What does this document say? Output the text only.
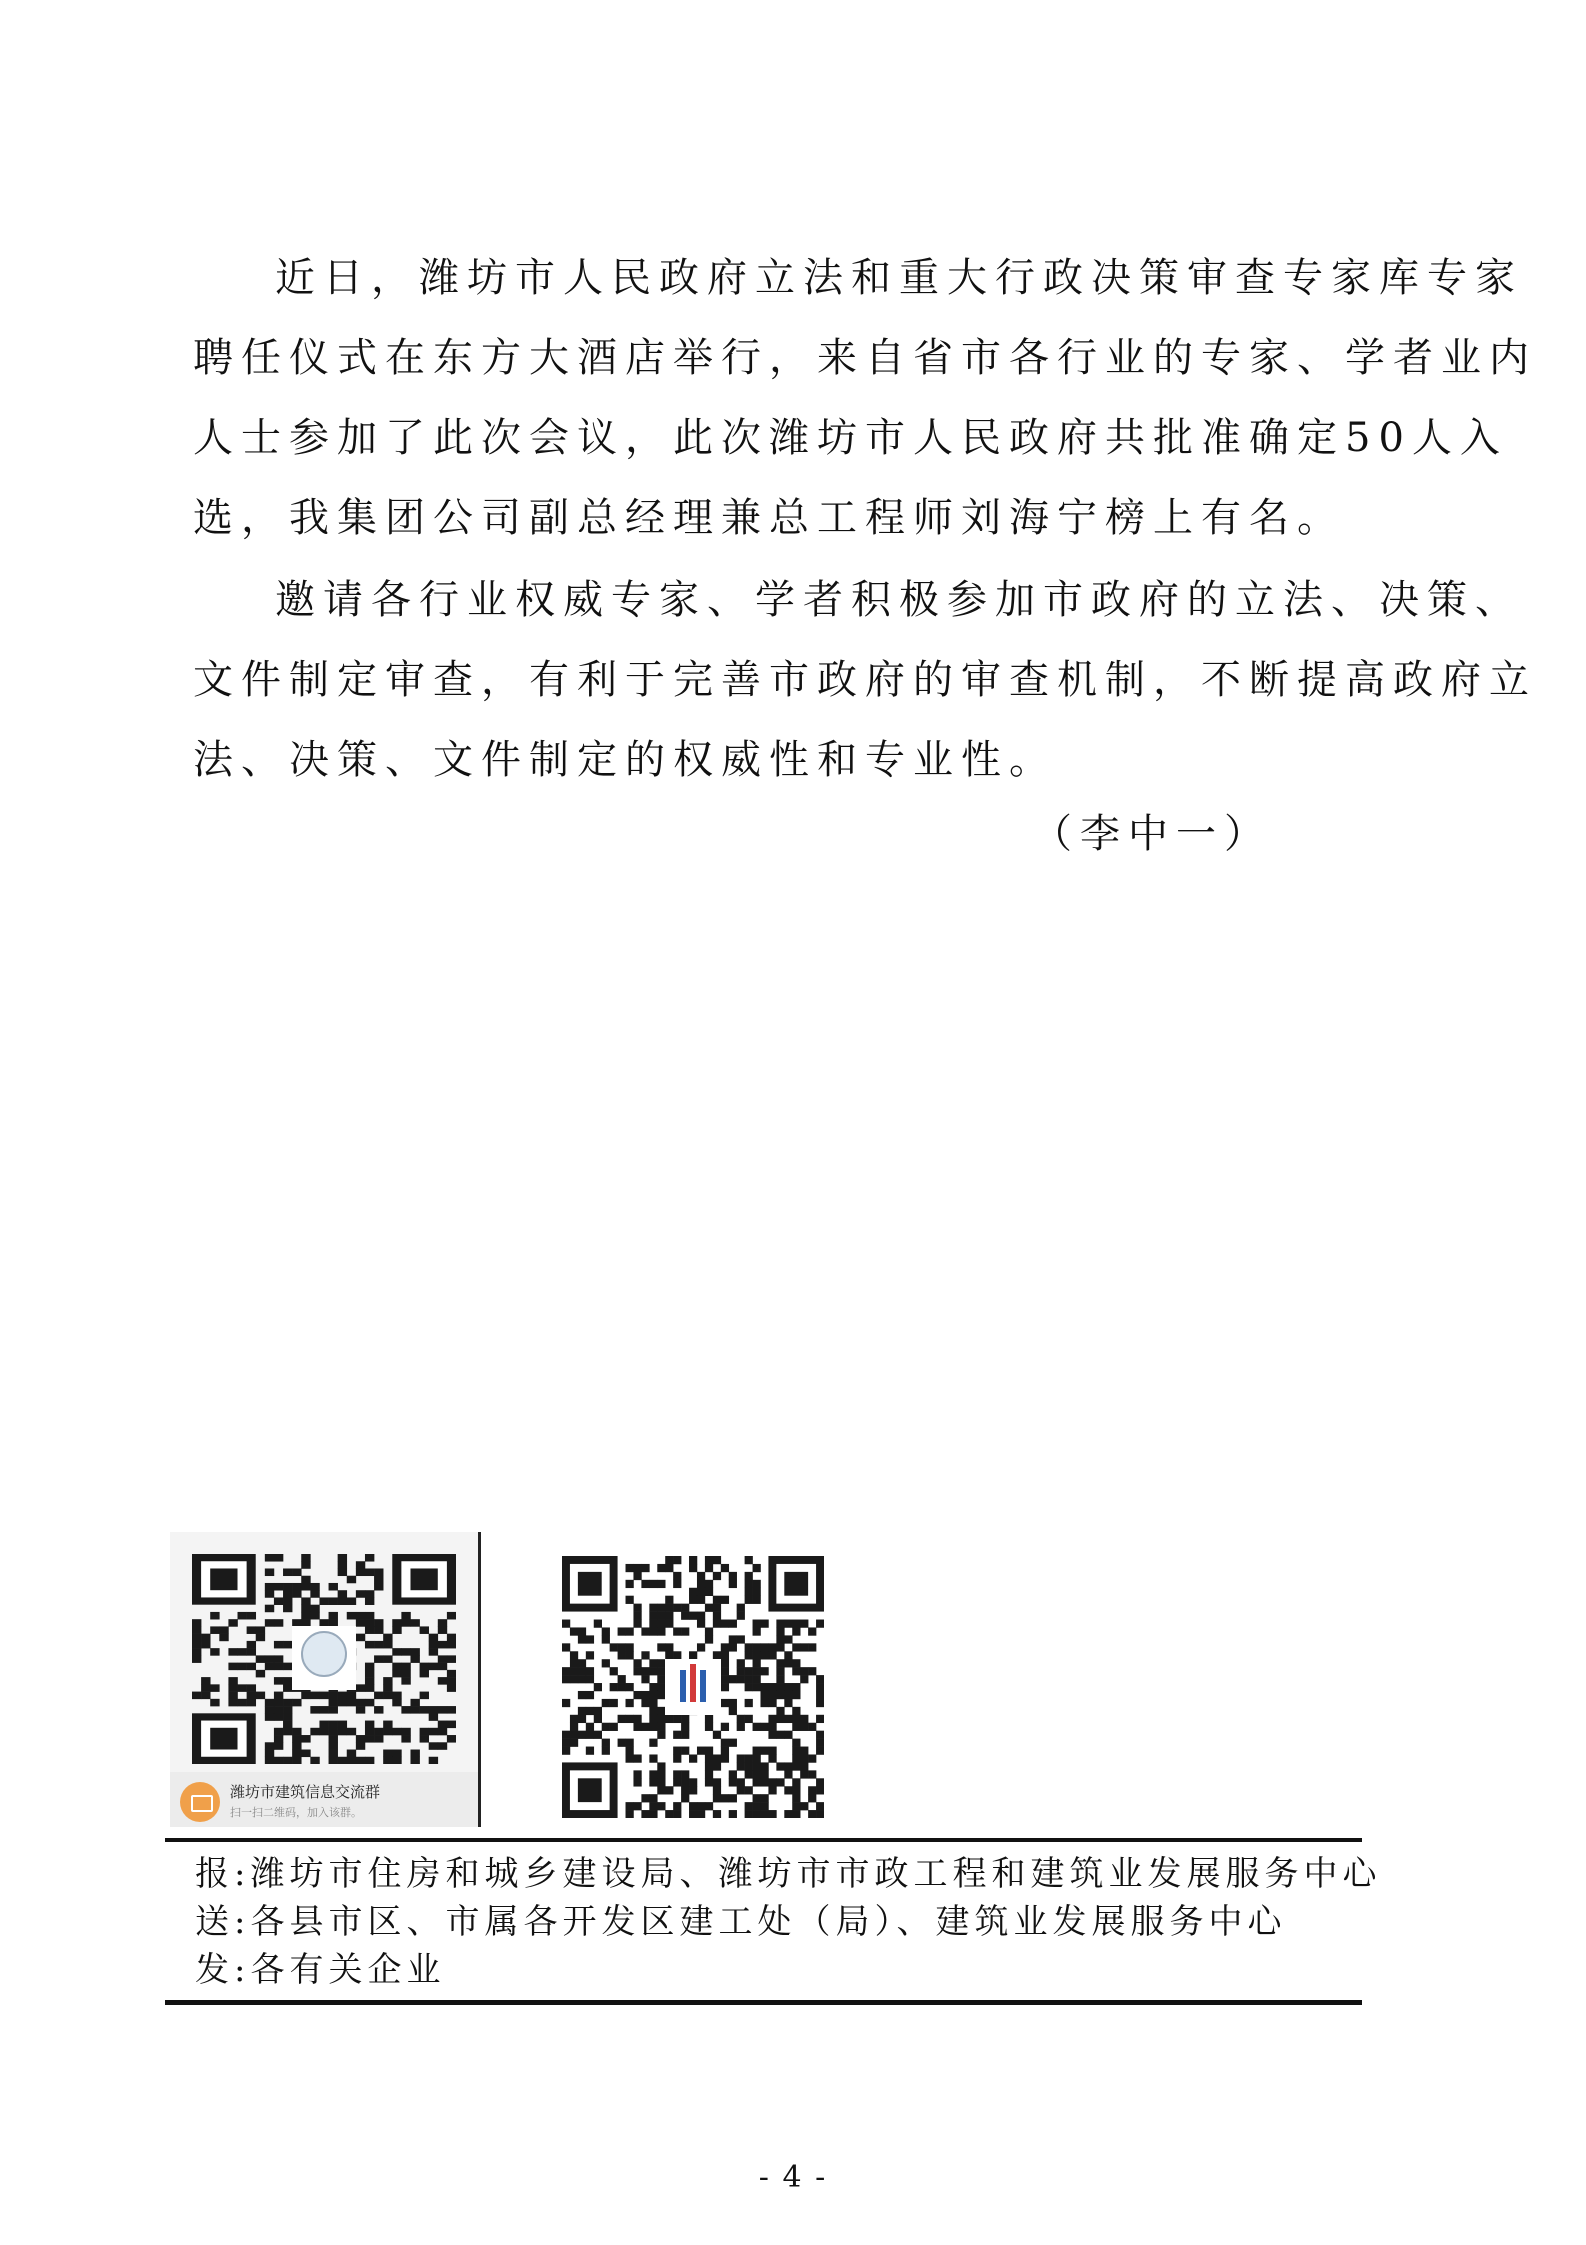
近日，潍坊市人民政府立法和重大行政决策审查专家库专家
聘任仪式在东方大酒店举行，来自省市各行业的专家、学者业内
人士参加了此次会议，此次潍坊市人民政府共批准确定50人入
选，我集团公司副总经理兼总工程师刘海宁榜上有名。
邀请各行业权威专家、学者积极参加市政府的立法、决策、
文件制定审查，有利于完善市政府的审查机制，不断提高政府立
法、决策、文件制定的权威性和专业性。
（李中一）
潍坊市建筑信息交流群
扫一扫二维码，加入该群。
报:潍坊市住房和城乡建设局、潍坊市市政工程和建筑业发展服务中心
送:各县市区、市属各开发区建工处（局）、建筑业发展服务中心
发:各有关企业
- 4 -
